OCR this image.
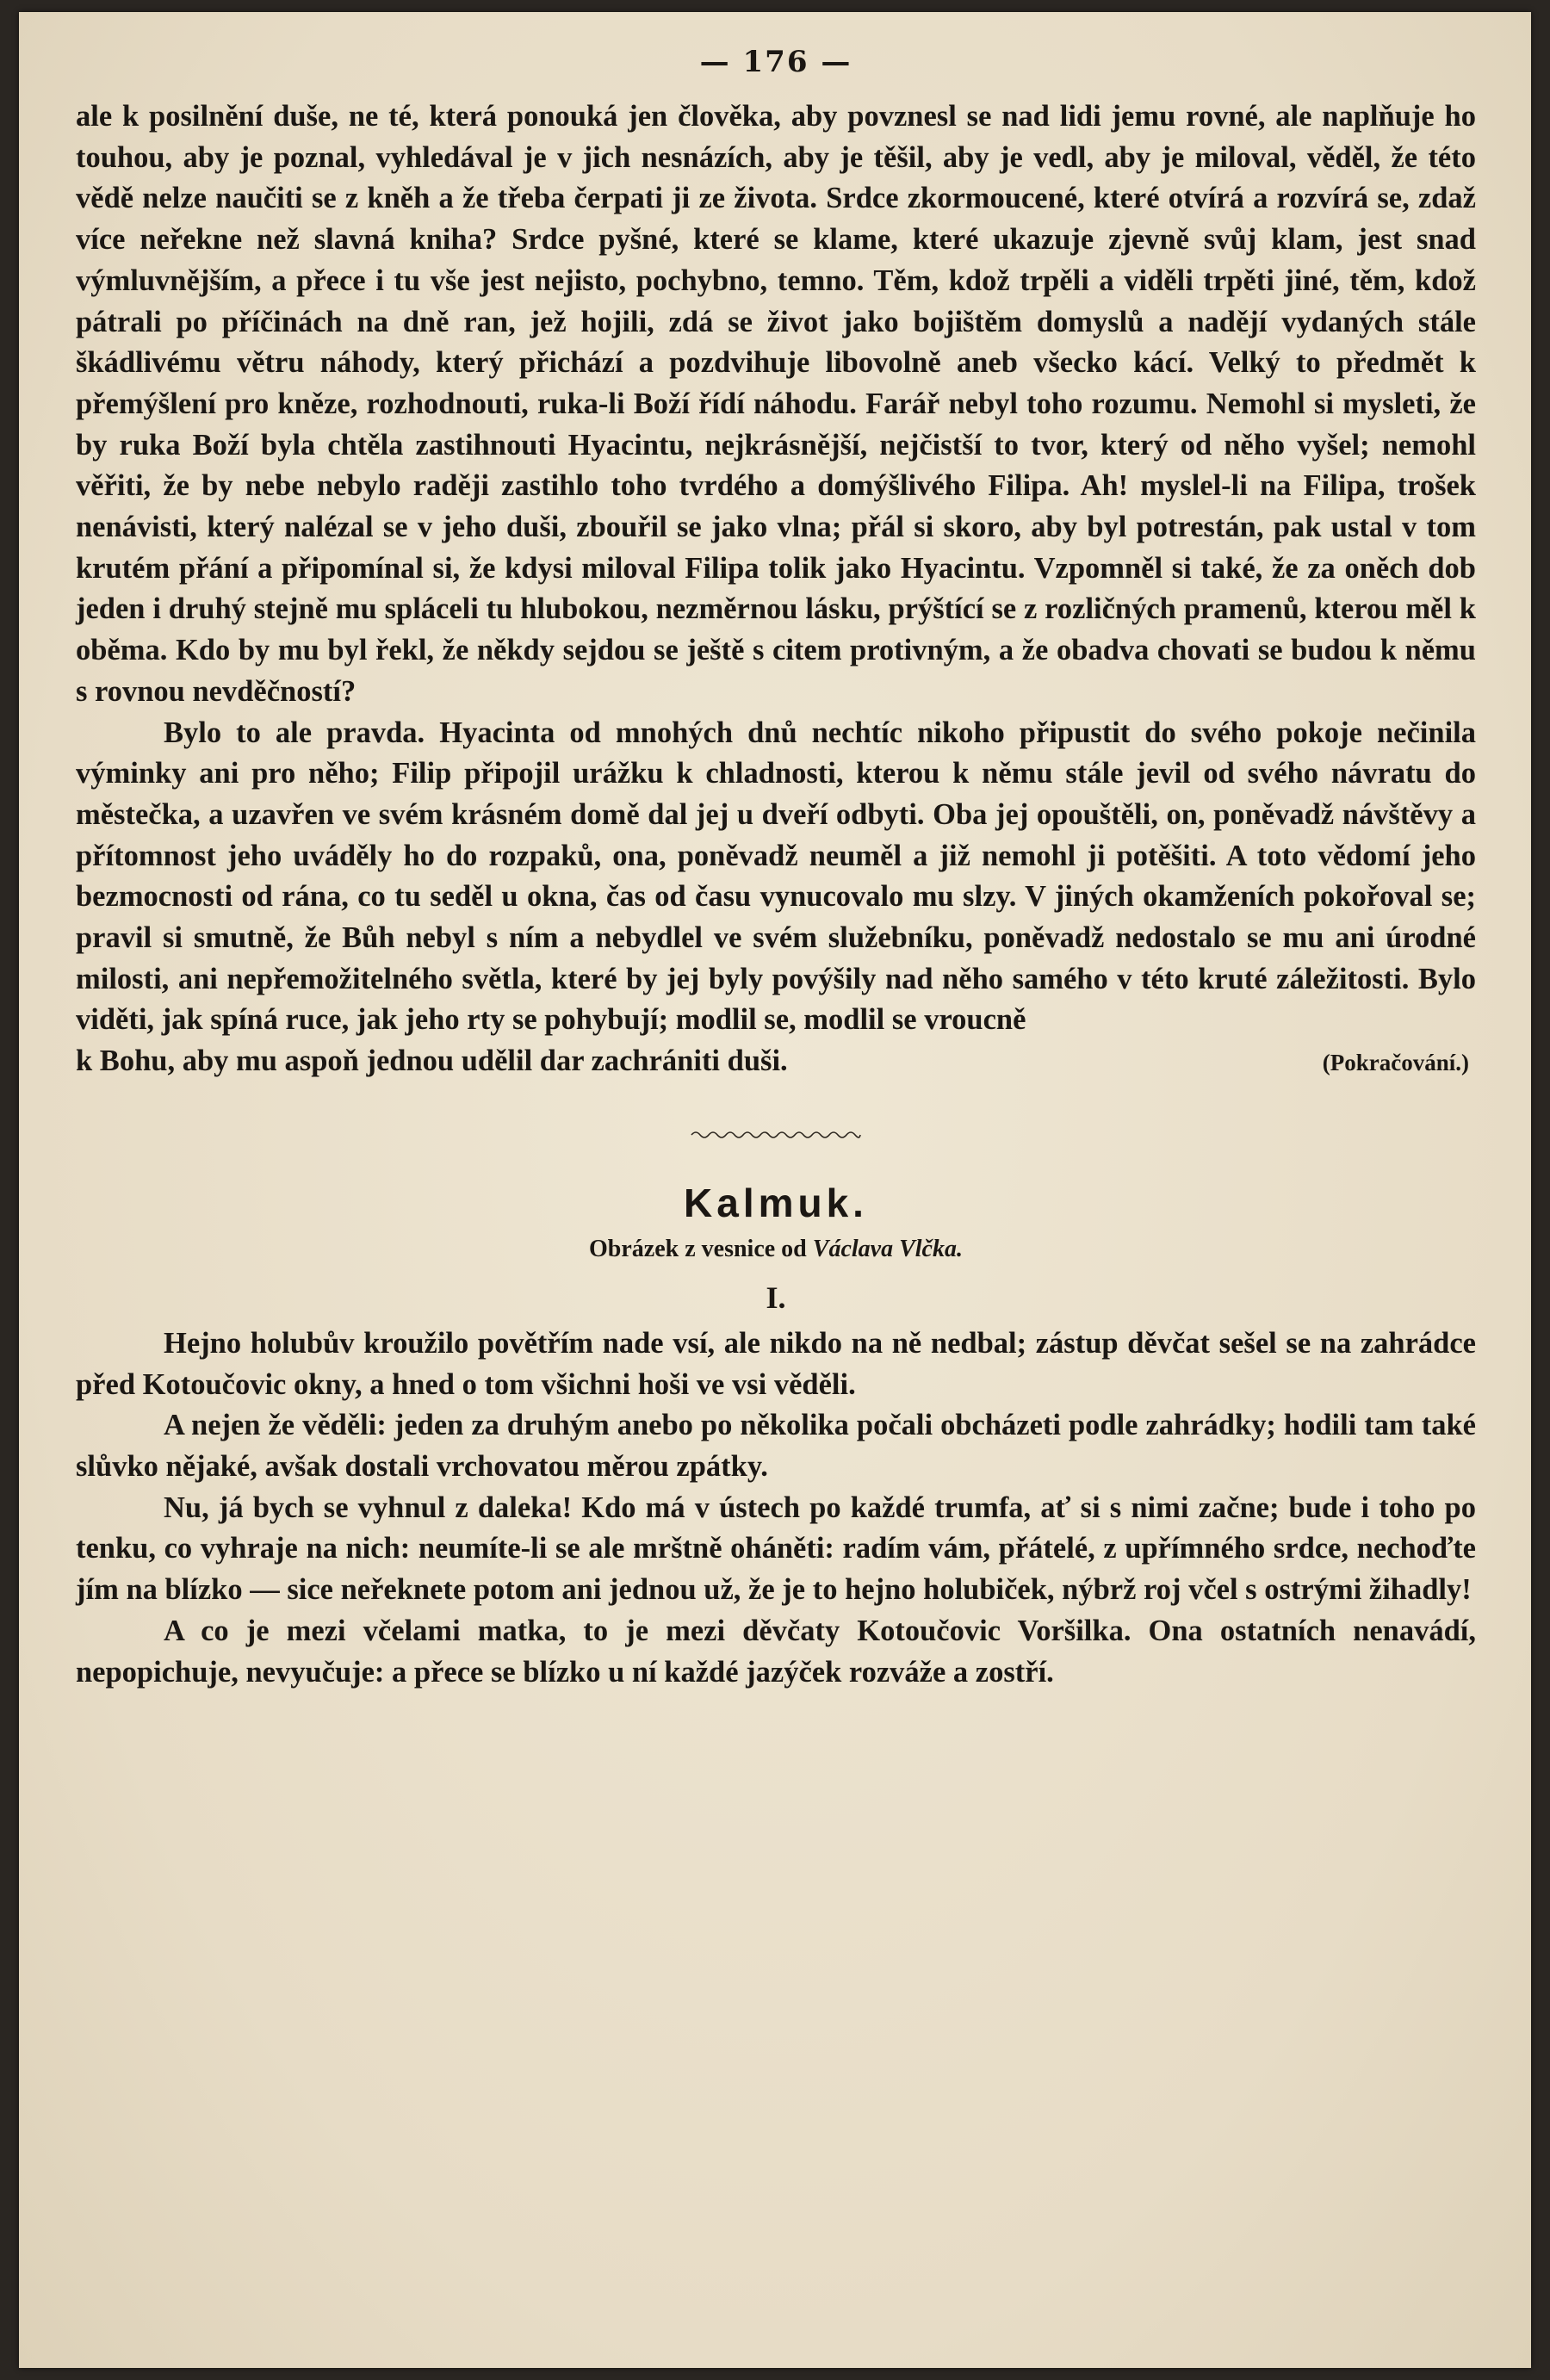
— 176 —

ale k posilnění duše, ne té, která ponouká jen člověka, aby povznesl se nad lidi jemu rovné, ale naplňuje ho touhou, aby je poznal, vyhledával je v jich nesnázích, aby je těšil, aby je vedl, aby je miloval, věděl, že této vědě nelze naučiti se z kněh a že třeba čerpati ji ze života. Srdce zkormoucené, které otvírá a rozvírá se, zdaž více neřekne než slavná kniha? Srdce pyšné, které se klame, které ukazuje zjevně svůj klam, jest snad výmluvnějším, a přece i tu vše jest nejisto, pochybno, temno. Těm, kdož trpěli a viděli trpěti jiné, těm, kdož pátrali po příčinách na dně ran, jež hojili, zdá se život jako bojištěm domyslů a nadějí vydaných stále škádlivému větru náhody, který přichází a pozdvihuje libovolně aneb všecko kácí. Velký to předmět k přemýšlení pro kněze, rozhodnouti, ruka-li Boží řídí náhodu. Farář nebyl toho rozumu. Nemohl si mysleti, že by ruka Boží byla chtěla zastihnouti Hyacintu, nejkrásnější, nejčistší to tvor, který od něho vyšel; nemohl věřiti, že by nebe nebylo raději zastihlo toho tvrdého a domýšlivého Filipa. Ah! myslel-li na Filipa, trošek nenávisti, který nalézal se v jeho duši, zbouřil se jako vlna; přál si skoro, aby byl potrestán, pak ustal v tom krutém přání a připomínal si, že kdysi miloval Filipa tolik jako Hyacintu. Vzpomněl si také, že za oněch dob jeden i druhý stejně mu spláceli tu hlubokou, nezměrnou lásku, prýštící se z rozličných pramenů, kterou měl k oběma. Kdo by mu byl řekl, že někdy sejdou se ještě s citem protivným, a že obadva chovati se budou k němu s rovnou nevděčností?

Bylo to ale pravda. Hyacinta od mnohých dnů nechtíc nikoho připustit do svého pokoje nečinila výminky ani pro něho; Filip připojil urážku k chladnosti, kterou k němu stále jevil od svého návratu do městečka, a uzavřen ve svém krásném domě dal jej u dveří odbyti. Oba jej opouštěli, on, poněvadž návštěvy a přítomnost jeho uváděly ho do rozpaků, ona, poněvadž neuměl a již nemohl ji potěšiti. A toto vědomí jeho bezmocnosti od rána, co tu seděl u okna, čas od času vynucovalo mu slzy. V jiných okamženích pokořoval se; pravil si smutně, že Bůh nebyl s ním a nebydlel ve svém služebníku, poněvadž nedostalo se mu ani úrodné milosti, ani nepřemožitelného světla, které by jej byly povýšily nad něho samého v této kruté záležitosti. Bylo viděti, jak spíná ruce, jak jeho rty se pohybují; modlil se, modlil se vroucně

k Bohu, aby mu aspoň jednou udělil dar zachrániti duši.	(Pokračování.)
Kalmuk.
Obrázek z vesnice od Václava Vlčka.
I.

Hejno holubův kroužilo povětřím nade vsí, ale nikdo na ně nedbal; zástup děvčat sešel se na zahrádce před Kotoučovic okny, a hned o tom všichni hoši ve vsi věděli.

A nejen že věděli: jeden za druhým anebo po několika počali obcházeti podle zahrádky; hodili tam také slůvko nějaké, avšak dostali vrchovatou měrou zpátky.

Nu, já bych se vyhnul z daleka! Kdo má v ústech po každé trumfa, ať si s nimi začne; bude i toho po tenku, co vyhraje na nich: neumíte-li se ale mrštně oháněti: radím vám, přátelé, z upřímného srdce, nechoďte jím na blízko — sice neřeknete potom ani jednou už, že je to hejno holubiček, nýbrž roj včel s ostrými žihadly!

A co je mezi včelami matka, to je mezi děvčaty Kotoučovic Voršilka. Ona ostatních nenavádí, nepopichuje, nevyučuje: a přece se blízko u ní každé jazýček rozváže a zostří.
